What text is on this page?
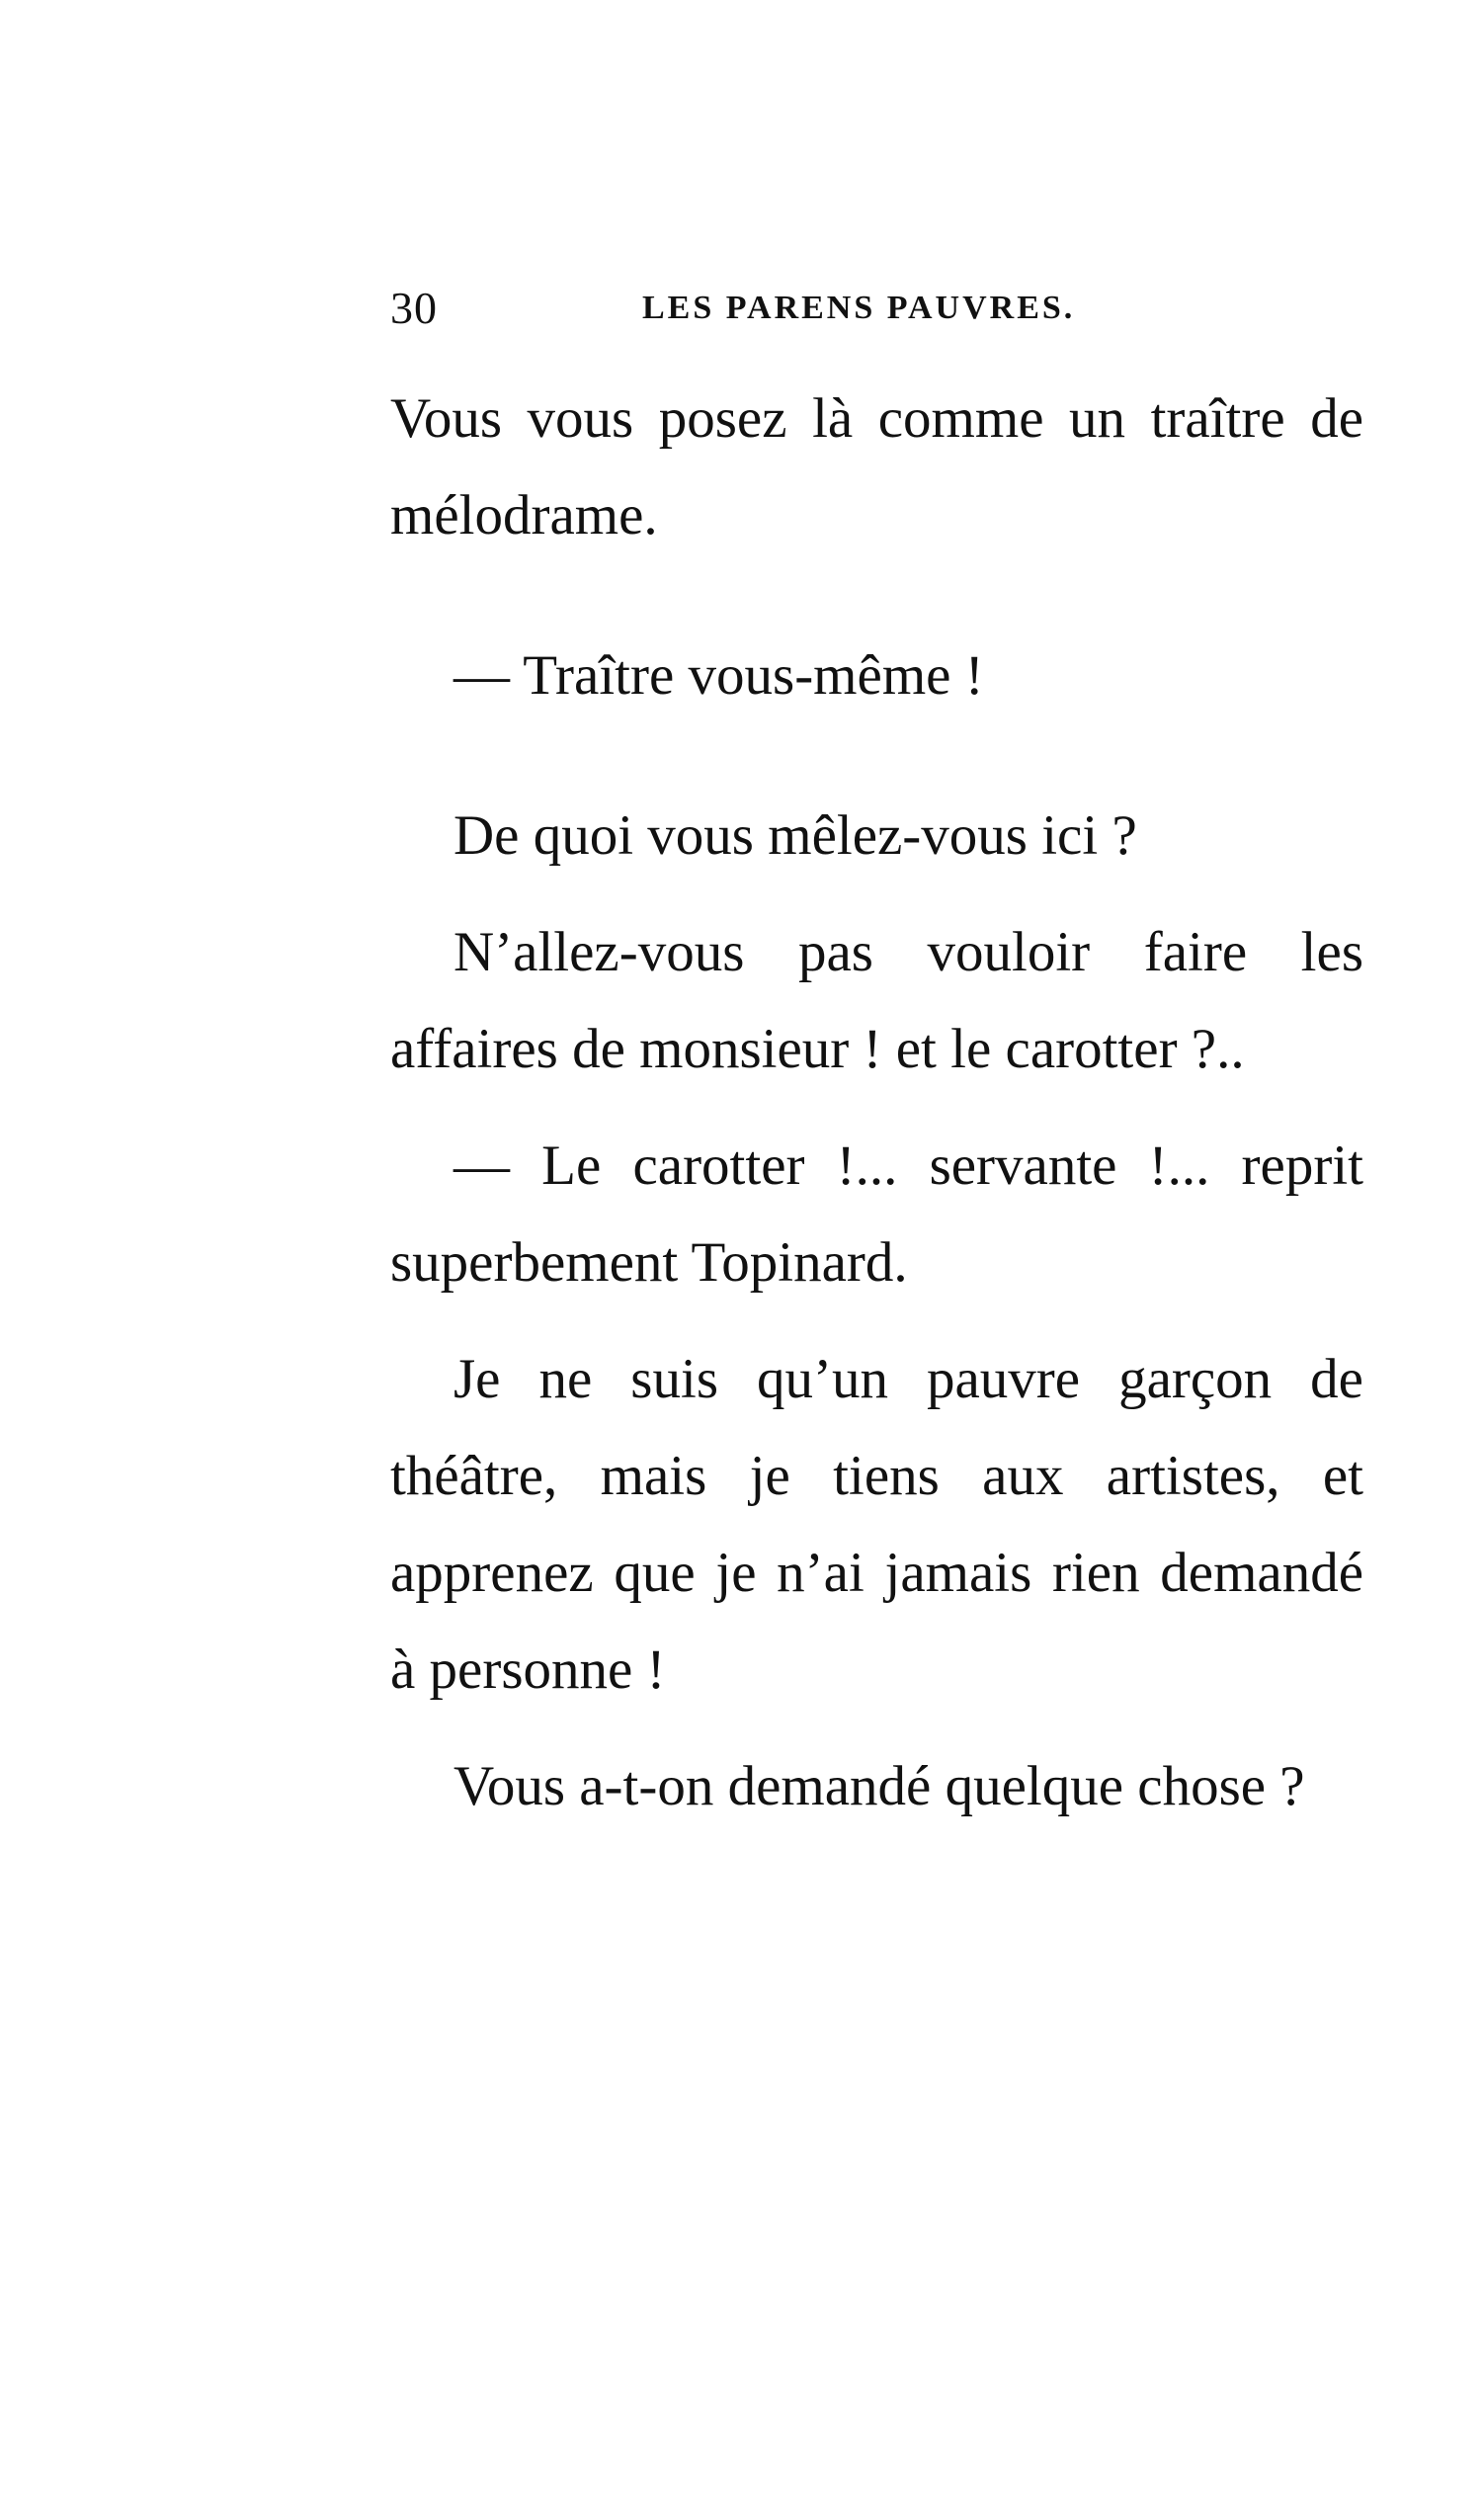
30	LES PARENS PAUVRES.

Vous vous posez là comme un traître de mélodrame.

— Traître vous-même !

De quoi vous mêlez-vous ici ?

N’allez-vous pas vouloir faire les affaires de monsieur ! et le carotter ?..

— Le carotter !... servante !... reprit superbement Topinard.

Je ne suis qu’un pauvre garçon de théâtre, mais je tiens aux artistes, et apprenez que je n’ai jamais rien demandé à personne !

Vous a-t-on demandé quelque chose ?
